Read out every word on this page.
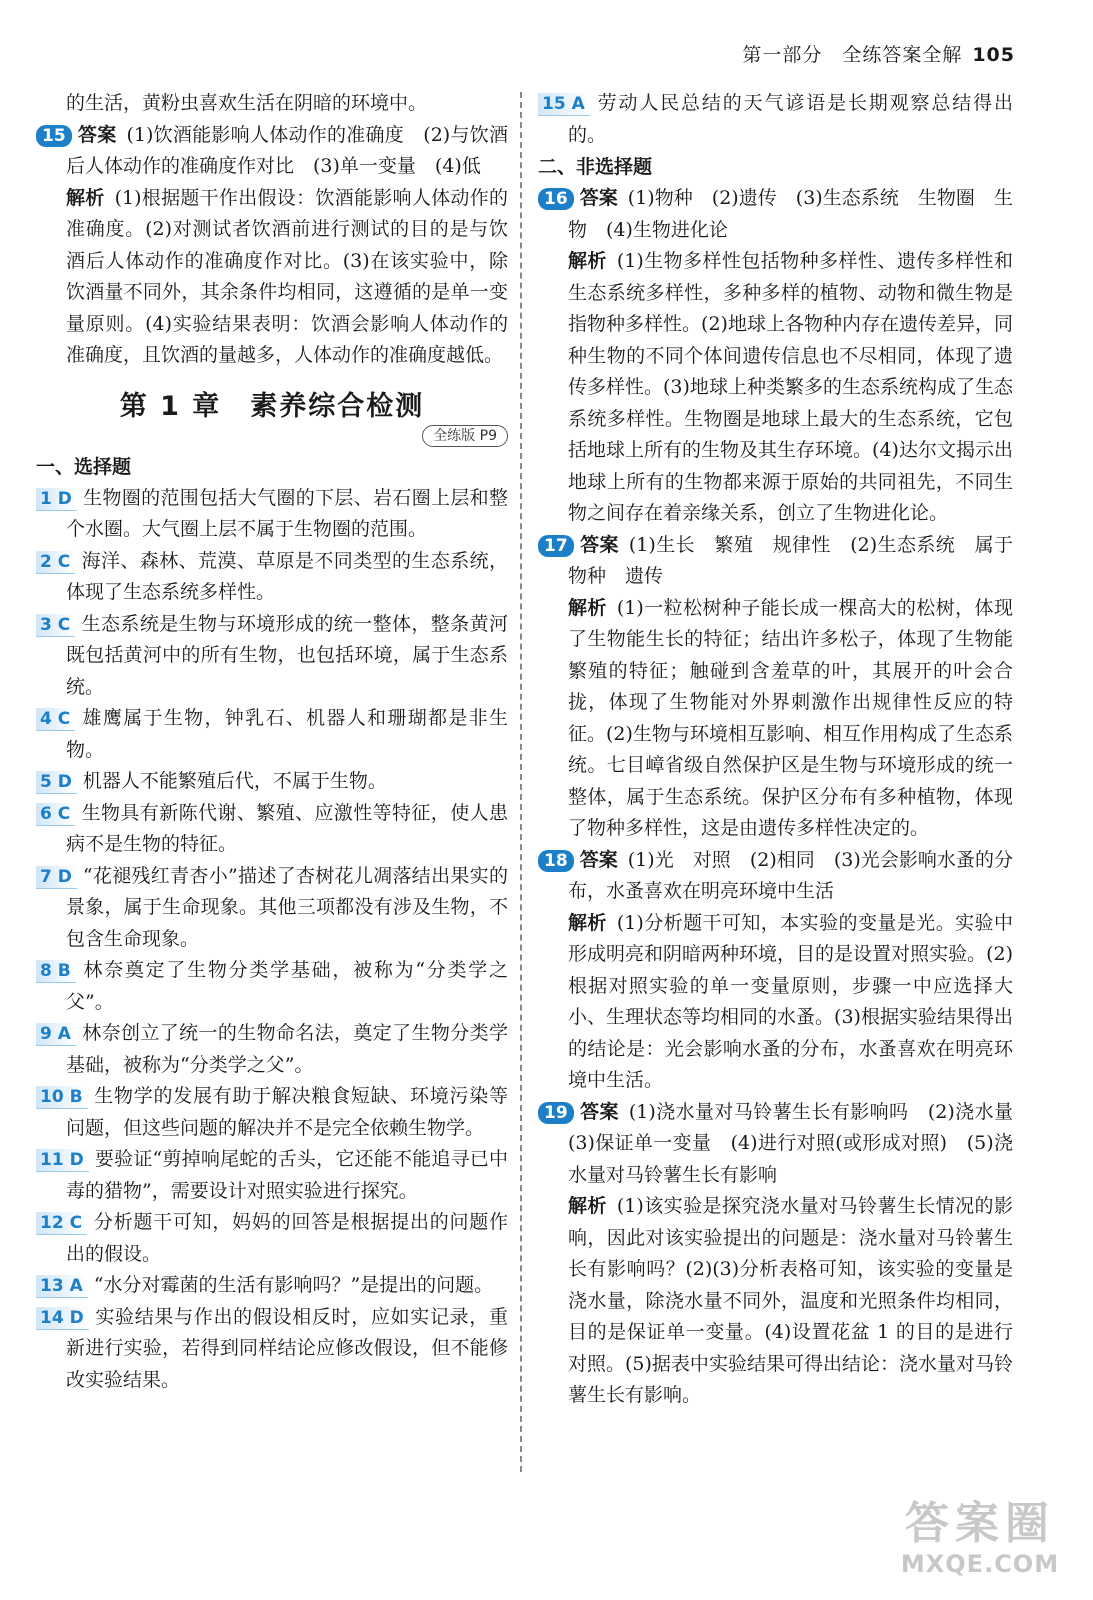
第一部分　全练答案全解 105

的生活，黄粉虫喜欢生活在阴暗的环境中。

15 答案 (1)饮酒能影响人体动作的准确度　(2)与饮酒后人体动作的准确度作对比　(3)单一变量　(4)低

解析 (1)根据题干作出假设：饮酒能影响人体动作的准确度。(2)对测试者饮酒前进行测试的目的是与饮酒后人体动作的准确度作对比。(3)在该实验中，除饮酒量不同外，其余条件均相同，这遵循的是单一变量原则。(4)实验结果表明：饮酒会影响人体动作的准确度，且饮酒的量越多，人体动作的准确度越低。

第 1 章　素养综合检测
全练版 P9

一、选择题

1 D 生物圈的范围包括大气圈的下层、岩石圈上层和整个水圈。大气圈上层不属于生物圈的范围。

2 C 海洋、森林、荒漠、草原是不同类型的生态系统，体现了生态系统多样性。

3 C 生态系统是生物与环境形成的统一整体，整条黄河既包括黄河中的所有生物，也包括环境，属于生态系统。

4 C 雄鹰属于生物，钟乳石、机器人和珊瑚都是非生物。

5 D 机器人不能繁殖后代，不属于生物。

6 C 生物具有新陈代谢、繁殖、应激性等特征，使人患病不是生物的特征。

7 D “花褪残红青杏小”描述了杏树花儿凋落结出果实的景象，属于生命现象。其他三项都没有涉及生物，不包含生命现象。

8 B 林奈奠定了生物分类学基础，被称为“分类学之父”。

9 A 林奈创立了统一的生物命名法，奠定了生物分类学基础，被称为“分类学之父”。

10 B 生物学的发展有助于解决粮食短缺、环境污染等问题，但这些问题的解决并不是完全依赖生物学。

11 D 要验证“剪掉响尾蛇的舌头，它还能不能追寻已中毒的猎物”，需要设计对照实验进行探究。

12 C 分析题干可知，妈妈的回答是根据提出的问题作出的假设。

13 A “水分对霉菌的生活有影响吗？”是提出的问题。

14 D 实验结果与作出的假设相反时，应如实记录，重新进行实验，若得到同样结论应修改假设，但不能修改实验结果。

15 A 劳动人民总结的天气谚语是长期观察总结得出的。

二、非选择题

16 答案 (1)物种　(2)遗传　(3)生态系统　生物圈　生物　(4)生物进化论

解析 (1)生物多样性包括物种多样性、遗传多样性和生态系统多样性，多种多样的植物、动物和微生物是指物种多样性。(2)地球上各物种内存在遗传差异，同种生物的不同个体间遗传信息也不尽相同，体现了遗传多样性。(3)地球上种类繁多的生态系统构成了生态系统多样性。生物圈是地球上最大的生态系统，它包括地球上所有的生物及其生存环境。(4)达尔文揭示出地球上所有的生物都来源于原始的共同祖先，不同生物之间存在着亲缘关系，创立了生物进化论。

17 答案 (1)生长　繁殖　规律性　(2)生态系统　属于　物种　遗传

解析 (1)一粒松树种子能长成一棵高大的松树，体现了生物能生长的特征；结出许多松子，体现了生物能繁殖的特征；触碰到含羞草的叶，其展开的叶会合拢，体现了生物能对外界刺激作出规律性反应的特征。(2)生物与环境相互影响、相互作用构成了生态系统。七目嶂省级自然保护区是生物与环境形成的统一整体，属于生态系统。保护区分布有多种植物，体现了物种多样性，这是由遗传多样性决定的。

18 答案 (1)光　对照　(2)相同　(3)光会影响水蚤的分布，水蚤喜欢在明亮环境中生活

解析 (1)分析题干可知，本实验的变量是光。实验中形成明亮和阴暗两种环境，目的是设置对照实验。(2)根据对照实验的单一变量原则，步骤一中应选择大小、生理状态等均相同的水蚤。(3)根据实验结果得出的结论是：光会影响水蚤的分布，水蚤喜欢在明亮环境中生活。

19 答案 (1)浇水量对马铃薯生长有影响吗　(2)浇水量　(3)保证单一变量　(4)进行对照(或形成对照)　(5)浇水量对马铃薯生长有影响

解析 (1)该实验是探究浇水量对马铃薯生长情况的影响，因此对该实验提出的问题是：浇水量对马铃薯生长有影响吗？(2)(3)分析表格可知，该实验的变量是浇水量，除浇水量不同外，温度和光照条件均相同，目的是保证单一变量。(4)设置花盆 1 的目的是进行对照。(5)据表中实验结果可得出结论：浇水量对马铃薯生长有影响。

答案圈
MXQE.COM
